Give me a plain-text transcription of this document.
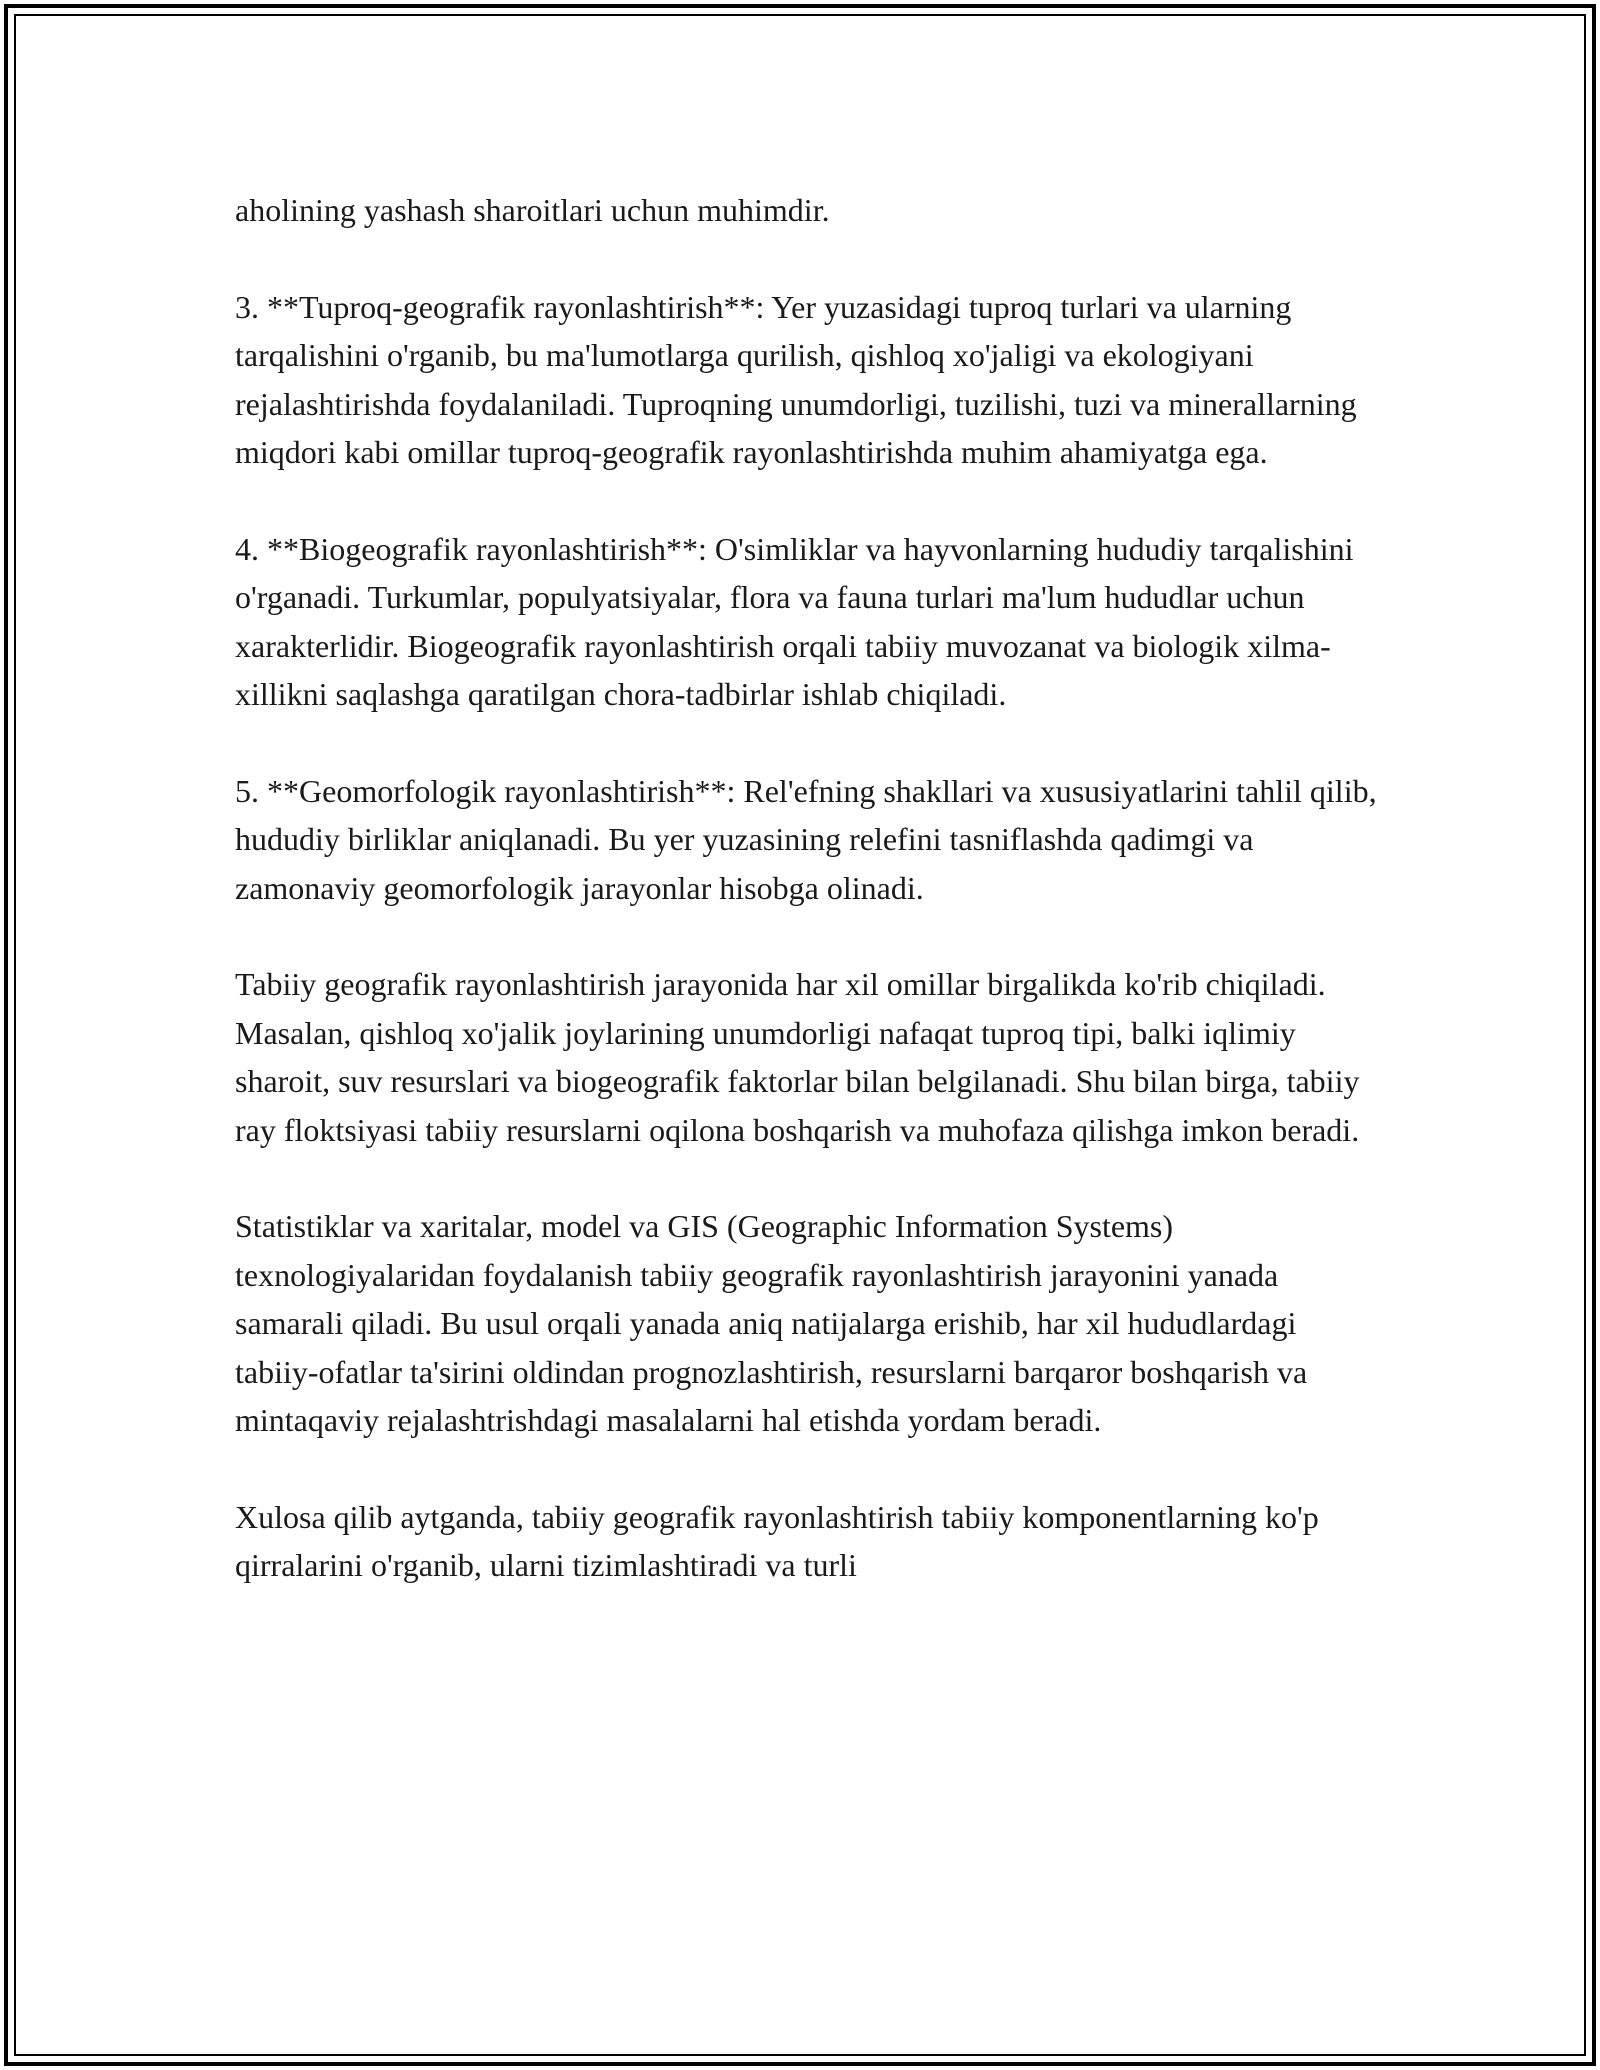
aholining yashash sharoitlari uchun muhimdir.

3. **Tuproq-geografik rayonlashtirish**: Yer yuzasidagi tuproq turlari va ularning tarqalishini o'rganib, bu ma'lumotlarga qurilish, qishloq xo'jaligi va ekologiyani rejalashtirishda foydalaniladi. Tuproqning unumdorligi, tuzilishi, tuzi va minerallarning miqdori kabi omillar tuproq-geografik rayonlashtirishda muhim ahamiyatga ega.

4. **Biogeografik rayonlashtirish**: O'simliklar va hayvonlarning hududiy tarqalishini o'rganadi. Turkumlar, populyatsiyalar, flora va fauna turlari ma'lum hududlar uchun xarakterlidir. Biogeografik rayonlashtirish orqali tabiiy muvozanat va biologik xilma-xillikni saqlashga qaratilgan chora-tadbirlar ishlab chiqiladi.

5. **Geomorfologik rayonlashtirish**: Rel'efning shakllari va xususiyatlarini tahlil qilib, hududiy birliklar aniqlanadi. Bu yer yuzasining relefini tasniflashda qadimgi va zamonaviy geomorfologik jarayonlar hisobga olinadi.

Tabiiy geografik rayonlashtirish jarayonida har xil omillar birgalikda ko'rib chiqiladi. Masalan, qishloq xo'jalik joylarining unumdorligi nafaqat tuproq tipi, balki iqlimiy sharoit, suv resurslari va biogeografik faktorlar bilan belgilanadi. Shu bilan birga, tabiiy ray floktsiyasi tabiiy resurslarni oqilona boshqarish va muhofaza qilishga imkon beradi.

Statistiklar va xaritalar, model va GIS (Geographic Information Systems) texnologiyalaridan foydalanish tabiiy geografik rayonlashtirish jarayonini yanada samarali qiladi. Bu usul orqali yanada aniq natijalarga erishib, har xil hududlardagi tabiiy-ofatlar ta'sirini oldindan prognozlashtirish, resurslarni barqaror boshqarish va mintaqaviy rejalashtrishdagi masalalarni hal etishda yordam beradi.

Xulosa qilib aytganda, tabiiy geografik rayonlashtirish tabiiy komponentlarning ko'p qirralarini o'rganib, ularni tizimlashtiradi va turli
